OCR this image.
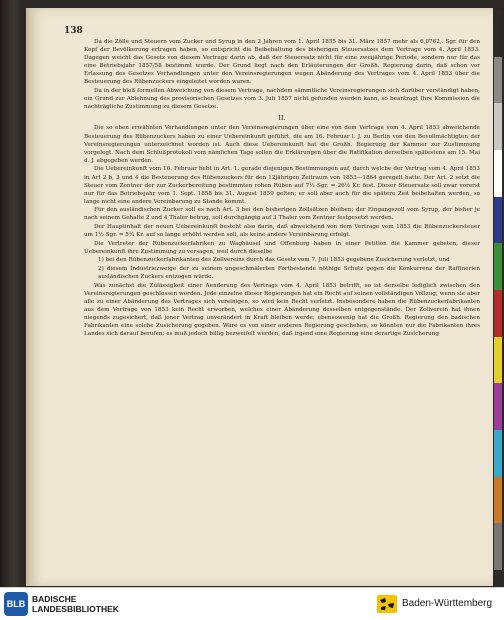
138

Da die Zölle und Steuern vom Zucker und Syrup in den 2 Jahren vom 1. April 1855 bis 31. März 1857 mehr als 6,0762,. Sgr. für den Kopf der Bevölkerung ertragen haben, so entspricht die Beibehaltung des bisherigen Steuersatzes dem Vertrage vom 4. April 1853. Dagegen weicht das Gesetz von diesem Vertrage darin ab, daß der Steuersatz nicht für eine zweijährige Periode, sondern nur für das eine Betriebsjahr 1857/58 bestimmt wurde. Der Grund liegt nach den Erläuterungen der Großh. Regierung darin, daß schon vor Erlassung des Gesetzes Verhandlungen unter den Vereinsregierungen wegen Abänderung des Vertrages vom 4. April 1853 über die Besteuerung des Rübenzuckers eingeleitet worden waren.

Da in der bloß formellen Abweichung von diesem Vertrage, nachdem sämmtliche Vereinsregierungen sich darüber verständigt haben, ein Grund zur Ablehnung des provisorischen Gesetzes vom 3. Juli 1857 nicht gefunden werden kann, so beantragt Ihre Kommission die nachträgliche Zustimmung zu diesem Gesetze.

II.

Die so eben erwähnten Verhandlungen unter den Vereinsregierungen über eine von dem Vertrage vom 4. April 1853 abweichende Besteuerung des Rübenzuckers haben zu einer Uebereinkunft geführt, die am 16. Februar l. J. zu Berlin von den Bevollmächtigten der Vereinsregierungen unterzeichnet worden ist. Auch diese Uebereinkunft hat die Großh. Regierung der Kammer zur Zustimmung vorgelegt. Nach dem Schlußprotokoll vom nämlichen Tage sollen die Erklärungen über die Ratifikation derselben spätestens am 15. Mai d. J. abgegeben werden.

Die Uebereinkunft vom 16. Februar hebt in Art. 1. gerade diejenigen Bestimmungen auf, durch welche der Vertrag vom 4. April 1853 in Art 2 b, 3 und 4 die Besteuerung des Rübenzuckers für den 12jährigen Zeitraum von 1853—1864 geregelt hatte. Der Art. 2 setzt die Steuer vom Zentner der zur Zuckerbereitung bestimmten rohen Rüben auf 7½ Sgr. = 26½ Kr. fest. Dieser Steuersatz soll zwar vorerst nur für das Betriebsjahr vom 1. Sept. 1858 bis 31. August 1859 gelten; er soll aber auch für die spätere Zeit beibehalten werden, so lange nicht eine andere Vereinbarung zu Stande kommt.

Für den ausländischen Zucker soll es nach Art. 3 bei den bisherigen Zollsätzen bleiben; der Eingangszoll vom Syrup, der bisher je nach seinem Gehalte 2 und 4 Thaler betrug, soll durchgängig auf 3 Thaler vom Zentner festgesetzt werden.

Der Hauptinhalt der neuen Uebereinkunft besteht also darin, daß abweichend von dem Vertrage vom 1853 die Rübenzuckersteuer um 1½ Sgr. = 5¼ Kr. auf so lange erhöht werden soll, als keine andere Vereinbarung erfolgt.

Die Vertreter der Rübenzuckerfabriken zu Waghäusel und Offenburg haben in einer Petition die Kammer gebeten, dieser Uebereinkunft ihre Zustimmung zu versagen, weil durch dieselbe

1) bei den Rübenzuckerfabrikanten des Zollvereins durch das Gesetz vom 7. Juli 1853 gegebene Zusicherung verletzt, und

2) diesem Industriezweige der zu seinem ungeschmälerten Fortbestande nöthige Schutz gegen die Konkurrenz der Raffinerien ausländischen Zuckers entzogen würde.

Was zunächst die Zulässigkeit einer Aenderung des Vertrags vom 4. April 1853 betrifft, so ist derselbe lediglich zwischen den Vereinsregierungen geschlossen worden. Jede einzelne dieser Regierungen hat ein Recht auf seinen vollständigen Vollzug; wenn sie aber alle zu einer Abänderung des Vertrages sich vereinigen, so wird kein Recht verletzt. Insbesondere haben die Rübenzuckerfabrikanten aus dem Vertrage von 1853 kein Recht erworben, welches einer Abänderung desselben entgegenstände. Der Zollverein hat ihnen niegends zugesichert, daß jener Vertrag unverändert in Kraft bleiben werde; ebensowenig hat die Großh. Regierung den badischen Fabrikanten eine solche Zusicherung gegeben. Wäre es von einer anderen Regierung geschehen, so könnten nur die Fabrikanten ihres Landes sich darauf berufen; es muß jedoch billig bezweifelt werden, daß irgend eine Regierung eine derartige Zusicherung

BLB BADISCHE
LANDESBIBLIOTHEK	Baden-Württemberg
